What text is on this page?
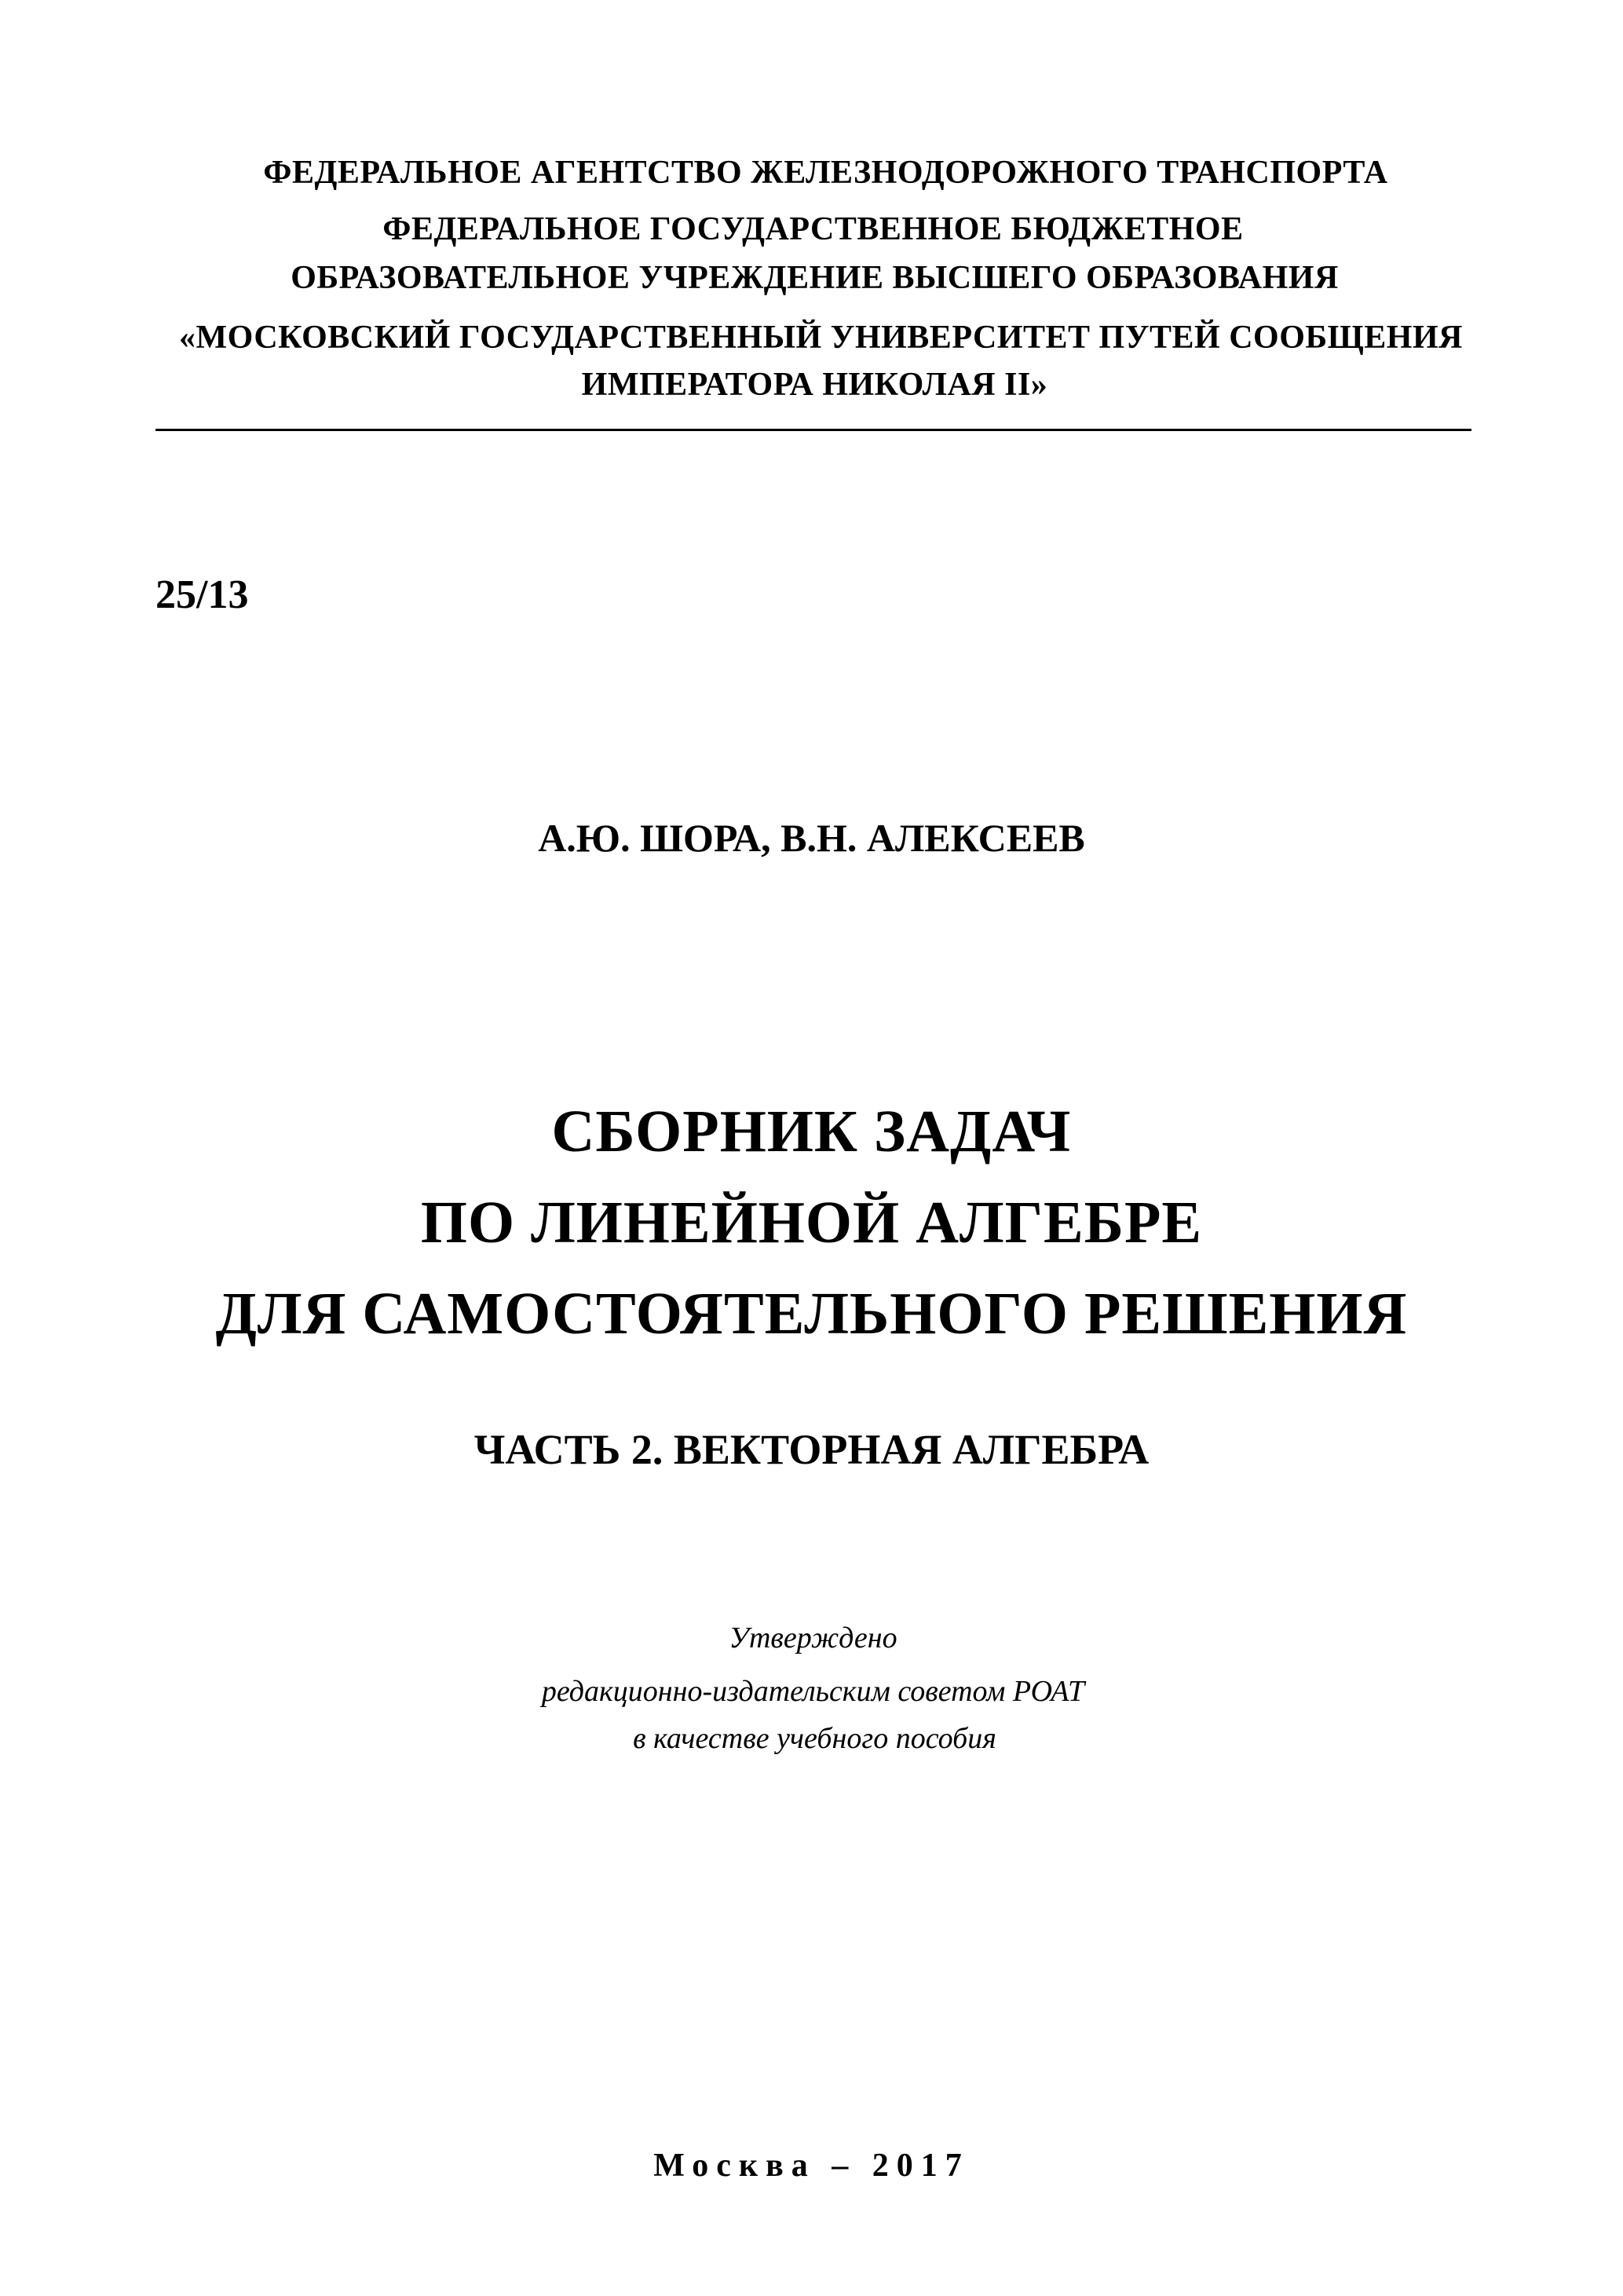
ФЕДЕРАЛЬНОЕ АГЕНТСТВО ЖЕЛЕЗНОДОРОЖНОГО ТРАНСПОРТА
ФЕДЕРАЛЬНОЕ ГОСУДАРСТВЕННОЕ БЮДЖЕТНОЕ
ОБРАЗОВАТЕЛЬНОЕ УЧРЕЖДЕНИЕ ВЫСШЕГО ОБРАЗОВАНИЯ
«МОСКОВСКИЙ ГОСУДАРСТВЕННЫЙ УНИВЕРСИТЕТ ПУТЕЙ СООБЩЕНИЯ
ИМПЕРАТОРА НИКОЛАЯ II»
25/13
А.Ю. ШОРА, В.Н. АЛЕКСЕЕВ
СБОРНИК ЗАДАЧ
ПО ЛИНЕЙНОЙ АЛГЕБРЕ
ДЛЯ САМОСТОЯТЕЛЬНОГО РЕШЕНИЯ
ЧАСТЬ 2. ВЕКТОРНАЯ АЛГЕБРА
Утверждено
редакционно-издательским советом РОАТ
в качестве учебного пособия
Москва – 2017
